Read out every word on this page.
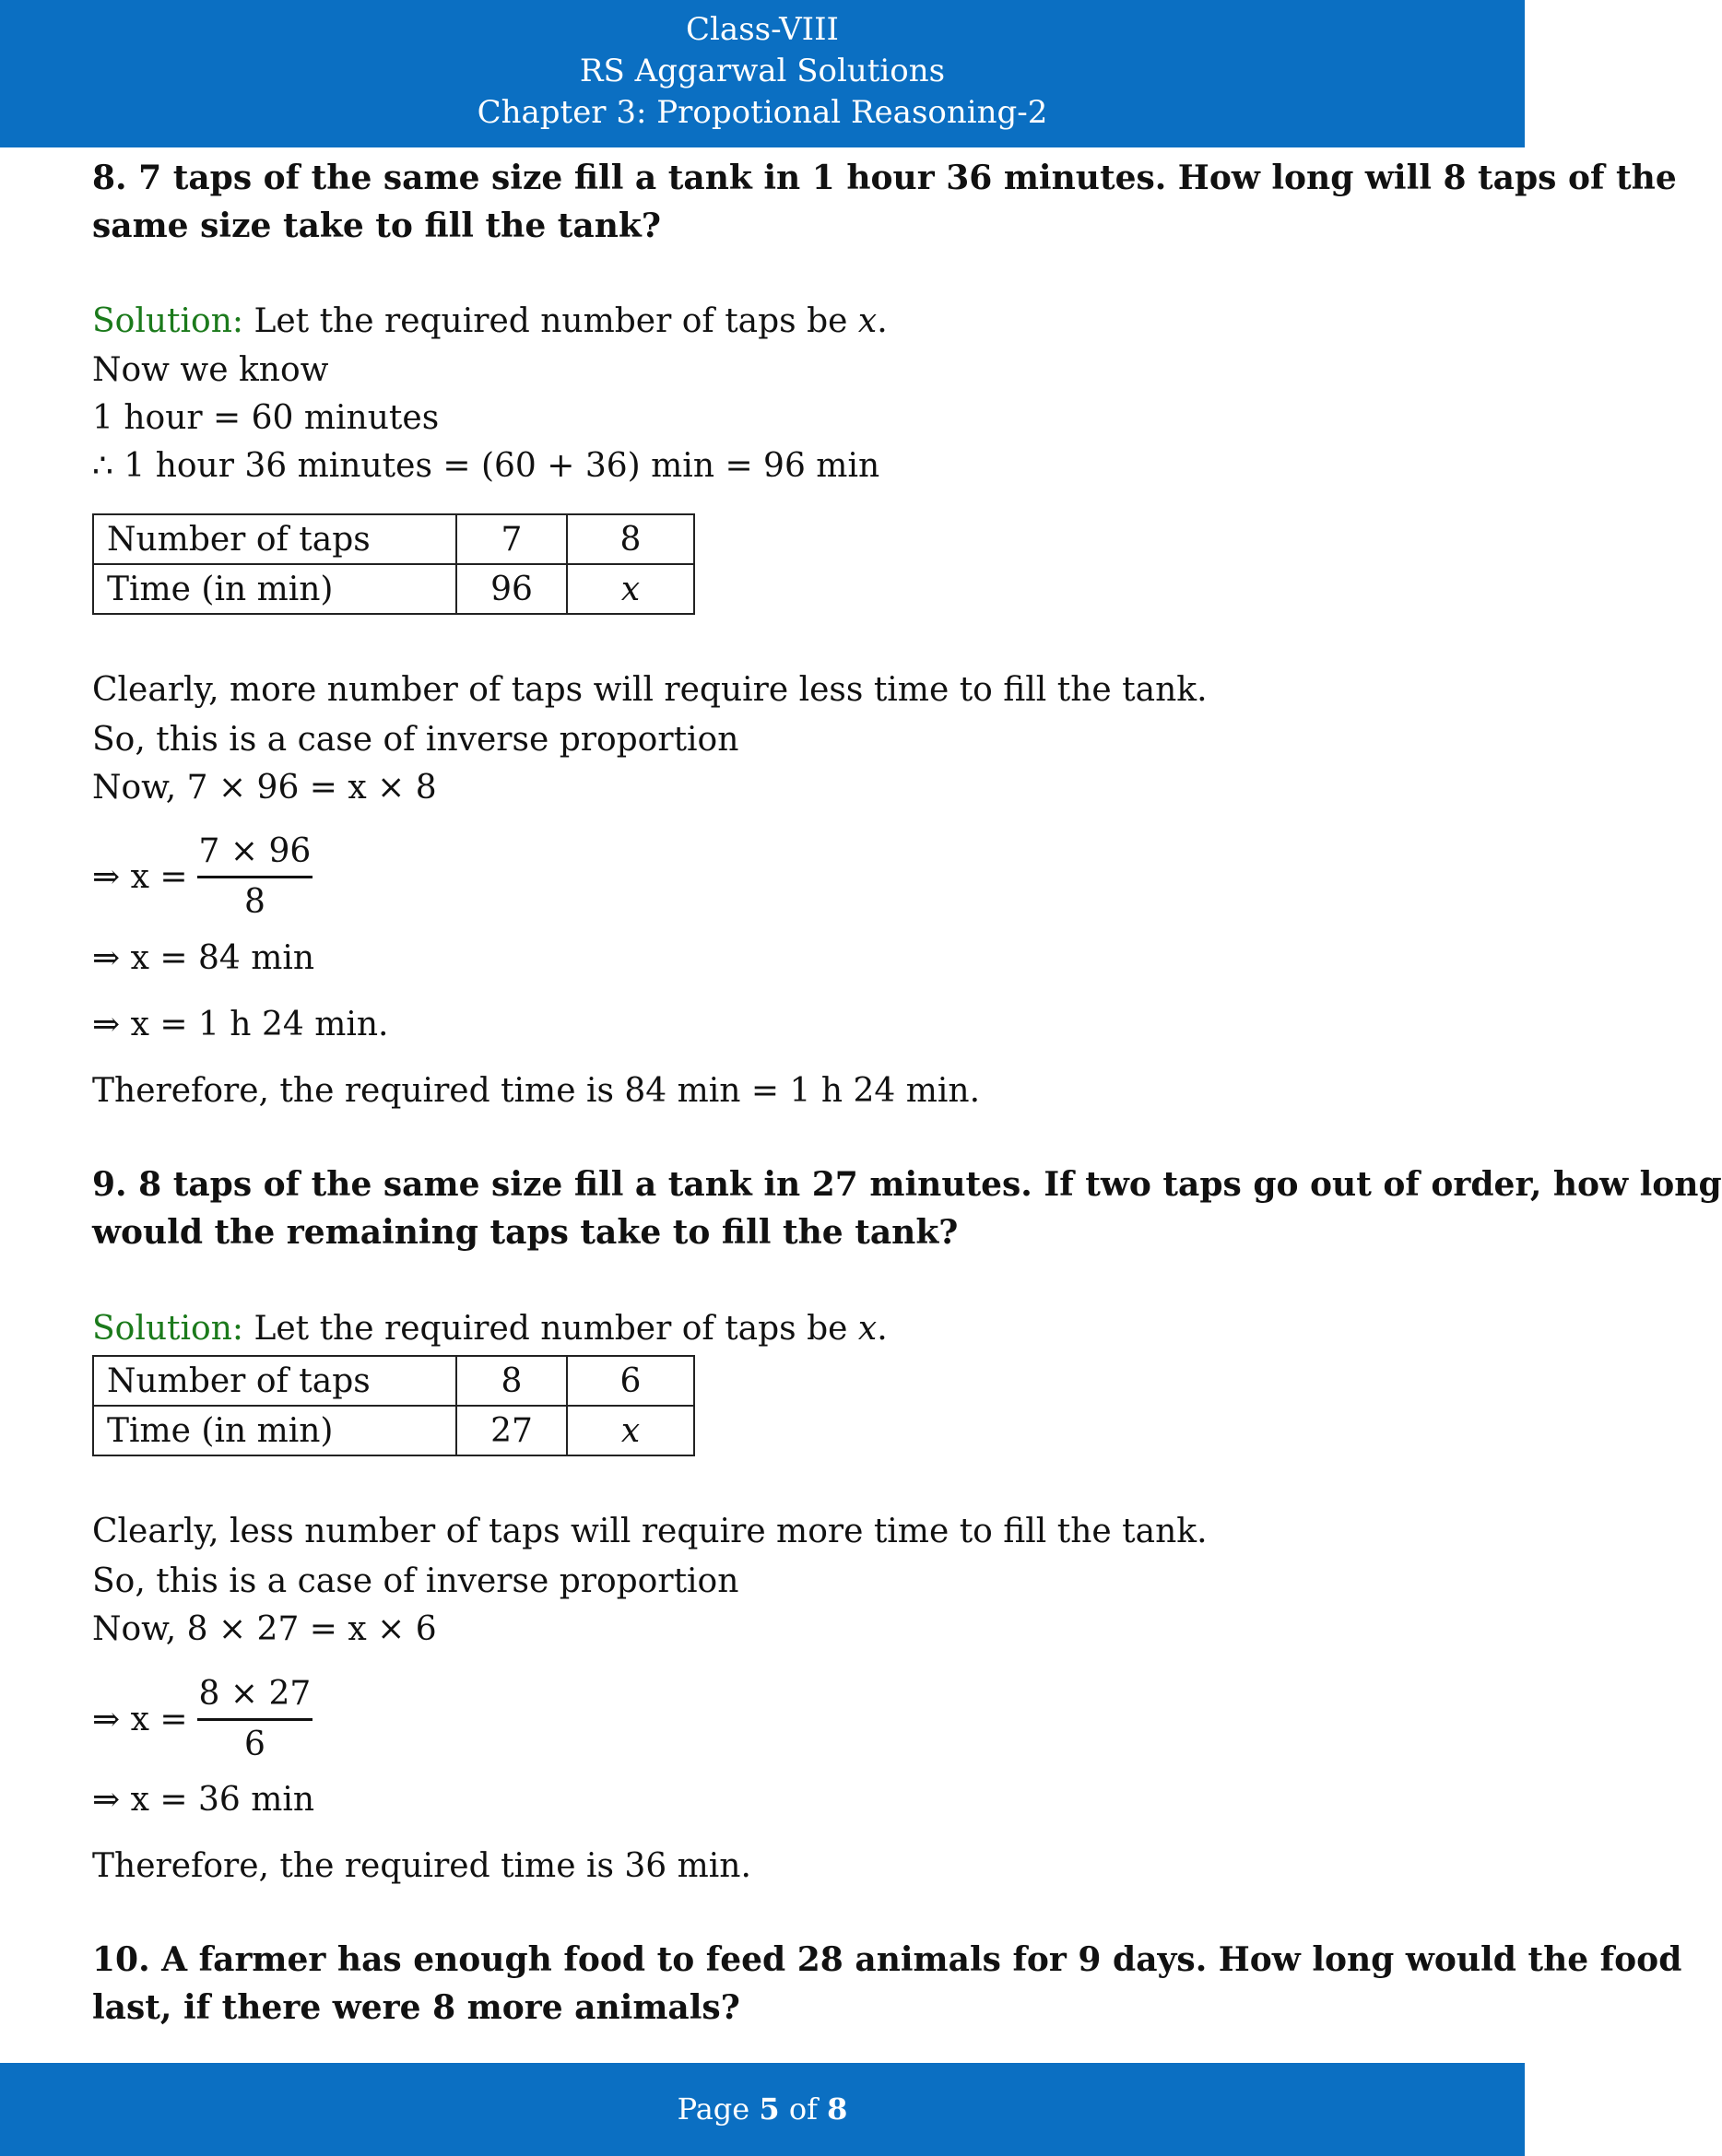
Class-VIII
RS Aggarwal Solutions
Chapter 3: Propotional Reasoning-2
8. 7 taps of the same size fill a tank in 1 hour 36 minutes. How long will 8 taps of the
same size take to fill the tank?
Solution: Let the required number of taps be x.
Now we know
1 hour = 60 minutes
∴ 1 hour 36 minutes = (60 + 36) min = 96 min
Number of taps	7	8
Time (in min)	96	x
Clearly, more number of taps will require less time to fill the tank.
So, this is a case of inverse proportion
Now, 7 × 96 = x × 8
⇒ $x = \frac{7 \times 96}{8}$
⇒ x = 84 min
⇒ x = 1 h 24 min.
Therefore, the required time is 84 min = 1 h 24 min.
9. 8 taps of the same size fill a tank in 27 minutes. If two taps go out of order, how long
would the remaining taps take to fill the tank?
Solution: Let the required number of taps be x.
Number of taps	8	6
Time (in min)	27	x
Clearly, less number of taps will require more time to fill the tank.
So, this is a case of inverse proportion
Now, 8 × 27 = x × 6
⇒ $x = \frac{8 \times 27}{6}$
⇒ x = 36 min
Therefore, the required time is 36 min.
10. A farmer has enough food to feed 28 animals for 9 days. How long would the food
last, if there were 8 more animals?
Page 5 of 8
